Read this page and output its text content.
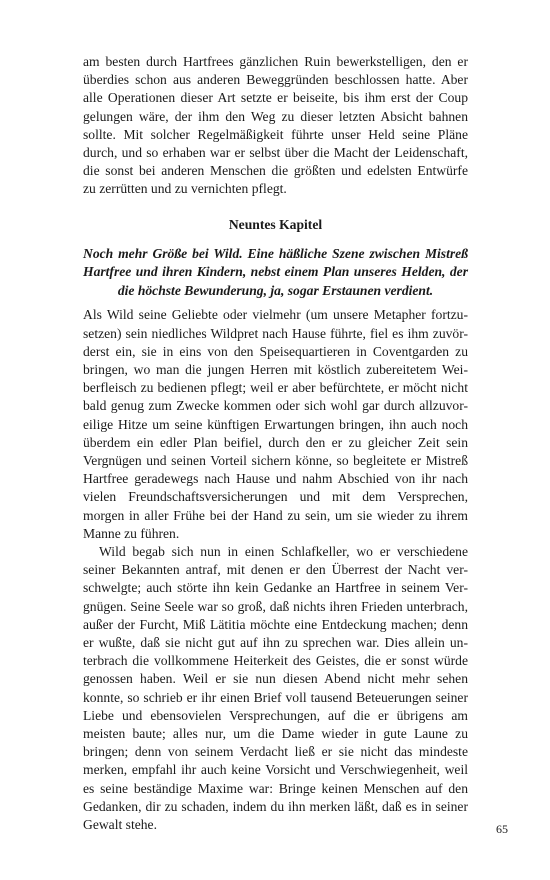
am besten durch Hartfrees gänzlichen Ruin bewerkstelligen, den er
überdies schon aus anderen Beweggründen beschlossen hatte. Aber
alle Operationen dieser Art setzte er beiseite, bis ihm erst der Coup
gelungen wäre, der ihm den Weg zu dieser letzten Absicht bahnen
sollte. Mit solcher Regelmäßigkeit führte unser Held seine Pläne
durch, und so erhaben war er selbst über die Macht der Leidenschaft,
die sonst bei anderen Menschen die größten und edelsten Entwürfe
zu zerrütten und zu vernichten pflegt.
Neuntes Kapitel
Noch mehr Größe bei Wild. Eine häßliche Szene zwischen Mistreß
Hartfree und ihren Kindern, nebst einem Plan unseres Helden, der
die höchste Bewunderung, ja, sogar Erstaunen verdient.
Als Wild seine Geliebte oder vielmehr (um unsere Metapher fortzu-
setzen) sein niedliches Wildpret nach Hause führte, fiel es ihm zuvör-
derst ein, sie in eins von den Speisequartieren in Coventgarden zu
bringen, wo man die jungen Herren mit köstlich zubereitetem Wei-
berfleisch zu bedienen pflegt; weil er aber befürchtete, er möcht nicht
bald genug zum Zwecke kommen oder sich wohl gar durch allzuvor-
eilige Hitze um seine künftigen Erwartungen bringen, ihn auch noch
überdem ein edler Plan beifiel, durch den er zu gleicher Zeit sein
Vergnügen und seinen Vorteil sichern könne, so begleitete er Mistreß
Hartfree geradewegs nach Hause und nahm Abschied von ihr nach
vielen Freundschaftsversicherungen und mit dem Versprechen,
morgen in aller Frühe bei der Hand zu sein, um sie wieder zu ihrem
Manne zu führen.
Wild begab sich nun in einen Schlafkeller, wo er verschiedene
seiner Bekannten antraf, mit denen er den Überrest der Nacht ver-
schwelgte; auch störte ihn kein Gedanke an Hartfree in seinem Ver-
gnügen. Seine Seele war so groß, daß nichts ihren Frieden unterbrach,
außer der Furcht, Miß Lätitia möchte eine Entdeckung machen; denn
er wußte, daß sie nicht gut auf ihn zu sprechen war. Dies allein un-
terbrach die vollkommene Heiterkeit des Geistes, die er sonst würde
genossen haben. Weil er sie nun diesen Abend nicht mehr sehen
konnte, so schrieb er ihr einen Brief voll tausend Beteuerungen seiner
Liebe und ebensovielen Versprechungen, auf die er übrigens am
meisten baute; alles nur, um die Dame wieder in gute Laune zu
bringen; denn von seinem Verdacht ließ er sie nicht das mindeste
merken, empfahl ihr auch keine Vorsicht und Verschwiegenheit, weil
es seine beständige Maxime war: Bringe keinen Menschen auf den
Gedanken, dir zu schaden, indem du ihn merken läßt, daß es in seiner
Gewalt stehe.	65
